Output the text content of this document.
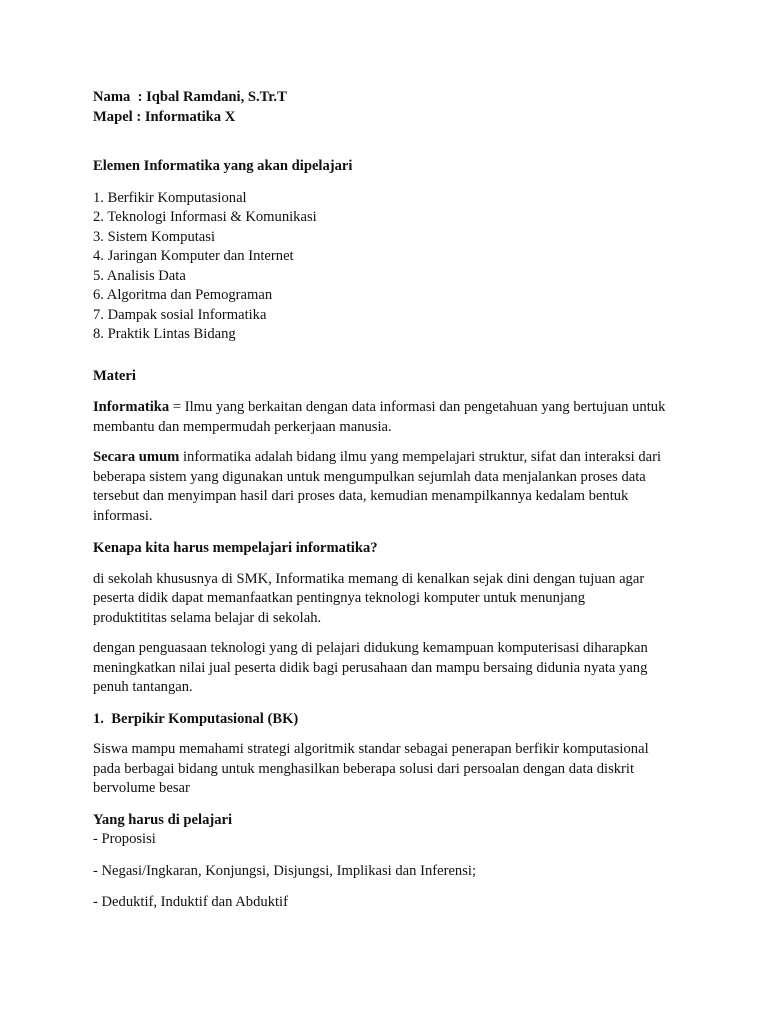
Nama  : Iqbal Ramdani, S.Tr.T

Mapel : Informatika X

Elemen Informatika yang akan dipelajari

1. Berfikir Komputasional
2. Teknologi Informasi & Komunikasi
3. Sistem Komputasi
4. Jaringan Komputer dan Internet
5. Analisis Data
6. Algoritma dan Pemograman
7. Dampak sosial Informatika
8. Praktik Lintas Bidang

Materi

Informatika = Ilmu yang berkaitan dengan data informasi dan pengetahuan yang bertujuan untuk membantu dan mempermudah perkerjaan manusia.

Secara umum informatika adalah bidang ilmu yang mempelajari struktur, sifat dan interaksi dari beberapa sistem yang digunakan untuk mengumpulkan sejumlah data menjalankan proses data tersebut dan menyimpan hasil dari proses data, kemudian menampilkannya kedalam bentuk informasi.

Kenapa kita harus mempelajari informatika?

di sekolah khususnya di SMK, Informatika memang di kenalkan sejak dini dengan tujuan agar peserta didik dapat memanfaatkan pentingnya teknologi komputer untuk menunjang produktititas selama belajar di sekolah.

dengan penguasaan teknologi yang di pelajari didukung kemampuan komputerisasi diharapkan meningkatkan nilai jual peserta didik bagi perusahaan dan mampu bersaing didunia nyata yang penuh tantangan.

1.  Berpikir Komputasional (BK)

Siswa mampu memahami strategi algoritmik standar sebagai penerapan berfikir komputasional pada berbagai bidang untuk menghasilkan beberapa solusi dari persoalan dengan data diskrit bervolume besar

Yang harus di pelajari

- Proposisi

- Negasi/Ingkaran, Konjungsi, Disjungsi, Implikasi dan Inferensi;

- Deduktif, Induktif dan Abduktif
